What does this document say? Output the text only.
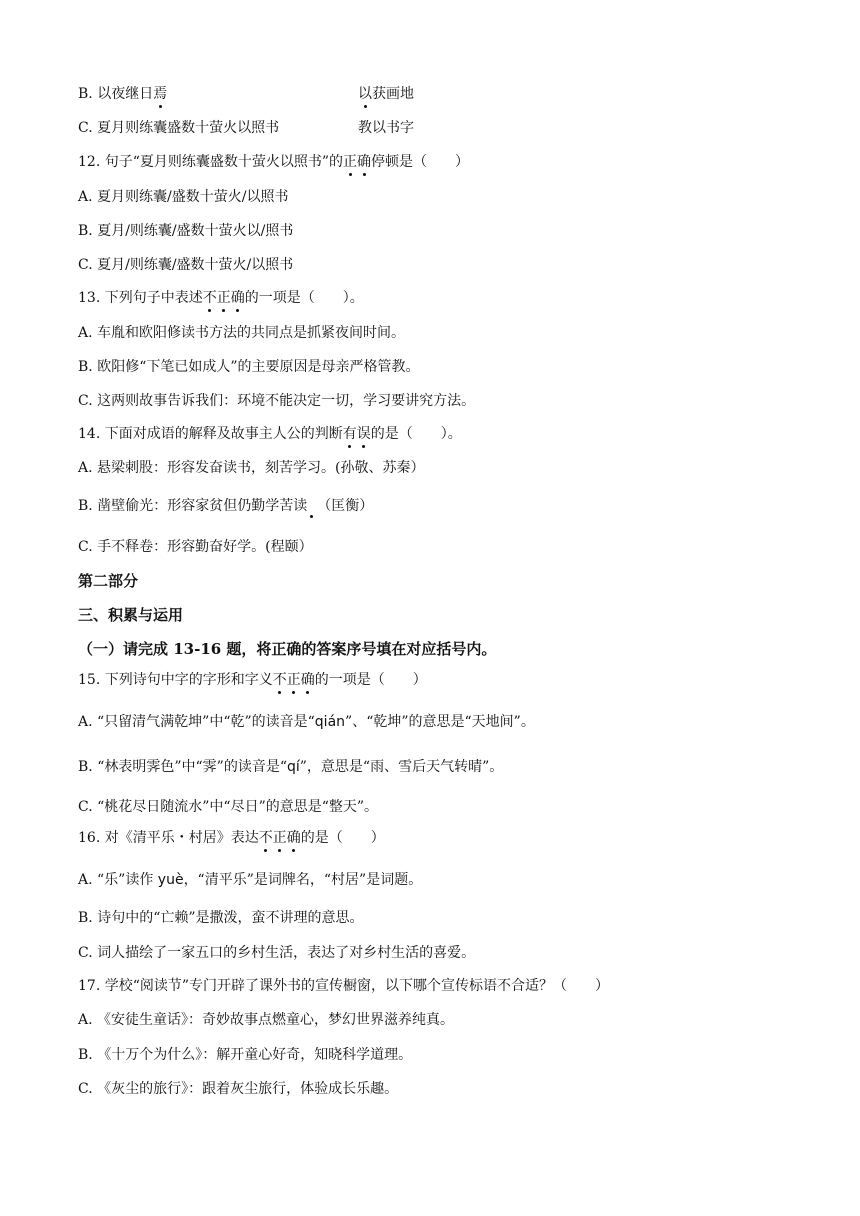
B. 以夜继日焉	以获画地
C. 夏月则练囊盛数十萤火以照书	教以书字
12. 句子“夏月则练囊盛数十萤火以照书”的正确停顿是（　　）
A. 夏月则练囊/盛数十萤火/以照书
B. 夏月/则练囊/盛数十萤火以/照书
C. 夏月/则练囊/盛数十萤火/以照书
13. 下列句子中表述不正确的一项是（　　）。
A. 车胤和欧阳修读书方法的共同点是抓紧夜间时间。
B. 欧阳修“下笔已如成人”的主要原因是母亲严格管教。
C. 这两则故事告诉我们：环境不能决定一切，学习要讲究方法。
14. 下面对成语的解释及故事主人公的判断有误的是（　　）。
A. 悬梁刺股：形容发奋读书，刻苦学习。(孙敬、苏秦）
B. 凿壁偷光：形容家贫但仍勤学苦读 （匡衡）
C. 手不释卷：形容勤奋好学。(程颐）
第二部分
三、积累与运用
（一）请完成 13-16 题，将正确的答案序号填在对应括号内。
15. 下列诗句中字的字形和字义不正确的一项是（　　）
A. “只留清气满乾坤”中“乾”的读音是“qián”、“乾坤”的意思是“天地间”。
B. “林表明霁色”中“霁”的读音是“qí”，意思是“雨、雪后天气转晴”。
C. “桃花尽日随流水”中“尽日”的意思是“整天”。
16. 对《清平乐・村居》表达不正确的是（　　）
A. “乐”读作 yuè，“清平乐”是词牌名，“村居”是词题。
B. 诗句中的“亡赖”是撒泼，蛮不讲理的意思。
C. 词人描绘了一家五口的乡村生活，表达了对乡村生活的喜爱。
17. 学校“阅读节”专门开辟了课外书的宣传橱窗，以下哪个宣传标语不合适？（　　）
A. 《安徒生童话》：奇妙故事点燃童心，梦幻世界滋养纯真。
B. 《十万个为什么》：解开童心好奇，知晓科学道理。
C. 《灰尘的旅行》：跟着灰尘旅行，体验成长乐趣。
